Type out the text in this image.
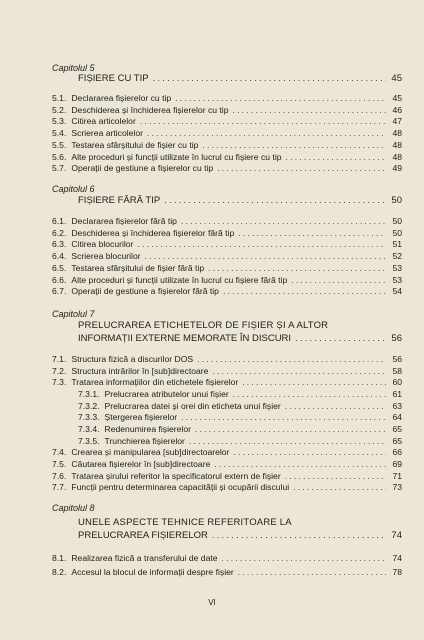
Capitolul 5
FIȘIERE CU TIP .....	45
5.1. Declararea fișierelor cu tip .....	45
5.2. Deschiderea și închiderea fișierelor cu tip .....	46
5.3. Citirea articolelor .....	47
5.4. Scrierea articolelor .....	48
5.5. Testarea sfârșitului de fișier cu tip .....	48
5.6. Alte proceduri și funcții utilizate în lucrul cu fișiere cu tip .....	48
5.7. Operații de gestiune a fișierelor cu tip .....	49
Capitolul 6
FIȘIERE FĂRĂ TIP .....	50
6.1. Declararea fișierelor fără tip .....	50
6.2. Deschiderea și închiderea fișierelor fără tip .....	50
6.3. Citirea blocurilor .....	51
6.4. Scrierea blocurilor .....	52
6.5. Testarea sfârșitului de fișier fără tip .....	53
6.6. Alte proceduri și funcții utilizate în lucrul cu fișiere fără tip .....	53
6.7. Operații de gestiune a fișierelor fără tip .....	54
Capitolul 7
PRELUCRAREA ETICHETELOR DE FIȘIER ȘI A ALTOR
INFORMAȚII EXTERNE MEMORATE ÎN DISCURI .....	56
7.1. Structura fizică a discurilor DOS .....	56
7.2. Structura intrărilor în [sub]directoare .....	58
7.3. Tratarea informațiilor din etichetele fișierelor .....	60
7.3.1. Prelucrarea atributelor unui fișier .....	61
7.3.2. Prelucrarea datei și orei din eticheta unui fișier .....	63
7.3.3. Ștergerea fișierelor .....	64
7.3.4. Redenumirea fișierelor .....	65
7.3.5. Trunchierea fișierelor .....	65
7.4. Crearea și manipularea [sub]directoarelor .....	66
7.5. Căutarea fișierelor în [sub]directoare .....	69
7.6. Tratarea șirului referitor la specificatorul extern de fișier .....	71
7.7. Funcții pentru determinarea capacității și ocupării discului .....	73
Capitolul 8
UNELE ASPECTE TEHNICE REFERITOARE LA
PRELUCRAREA FIȘIERELOR .....	74
8.1. Realizarea fizică a transferului de date .....	74
8.2. Accesul la blocul de informații despre fișier .....	78
VI
